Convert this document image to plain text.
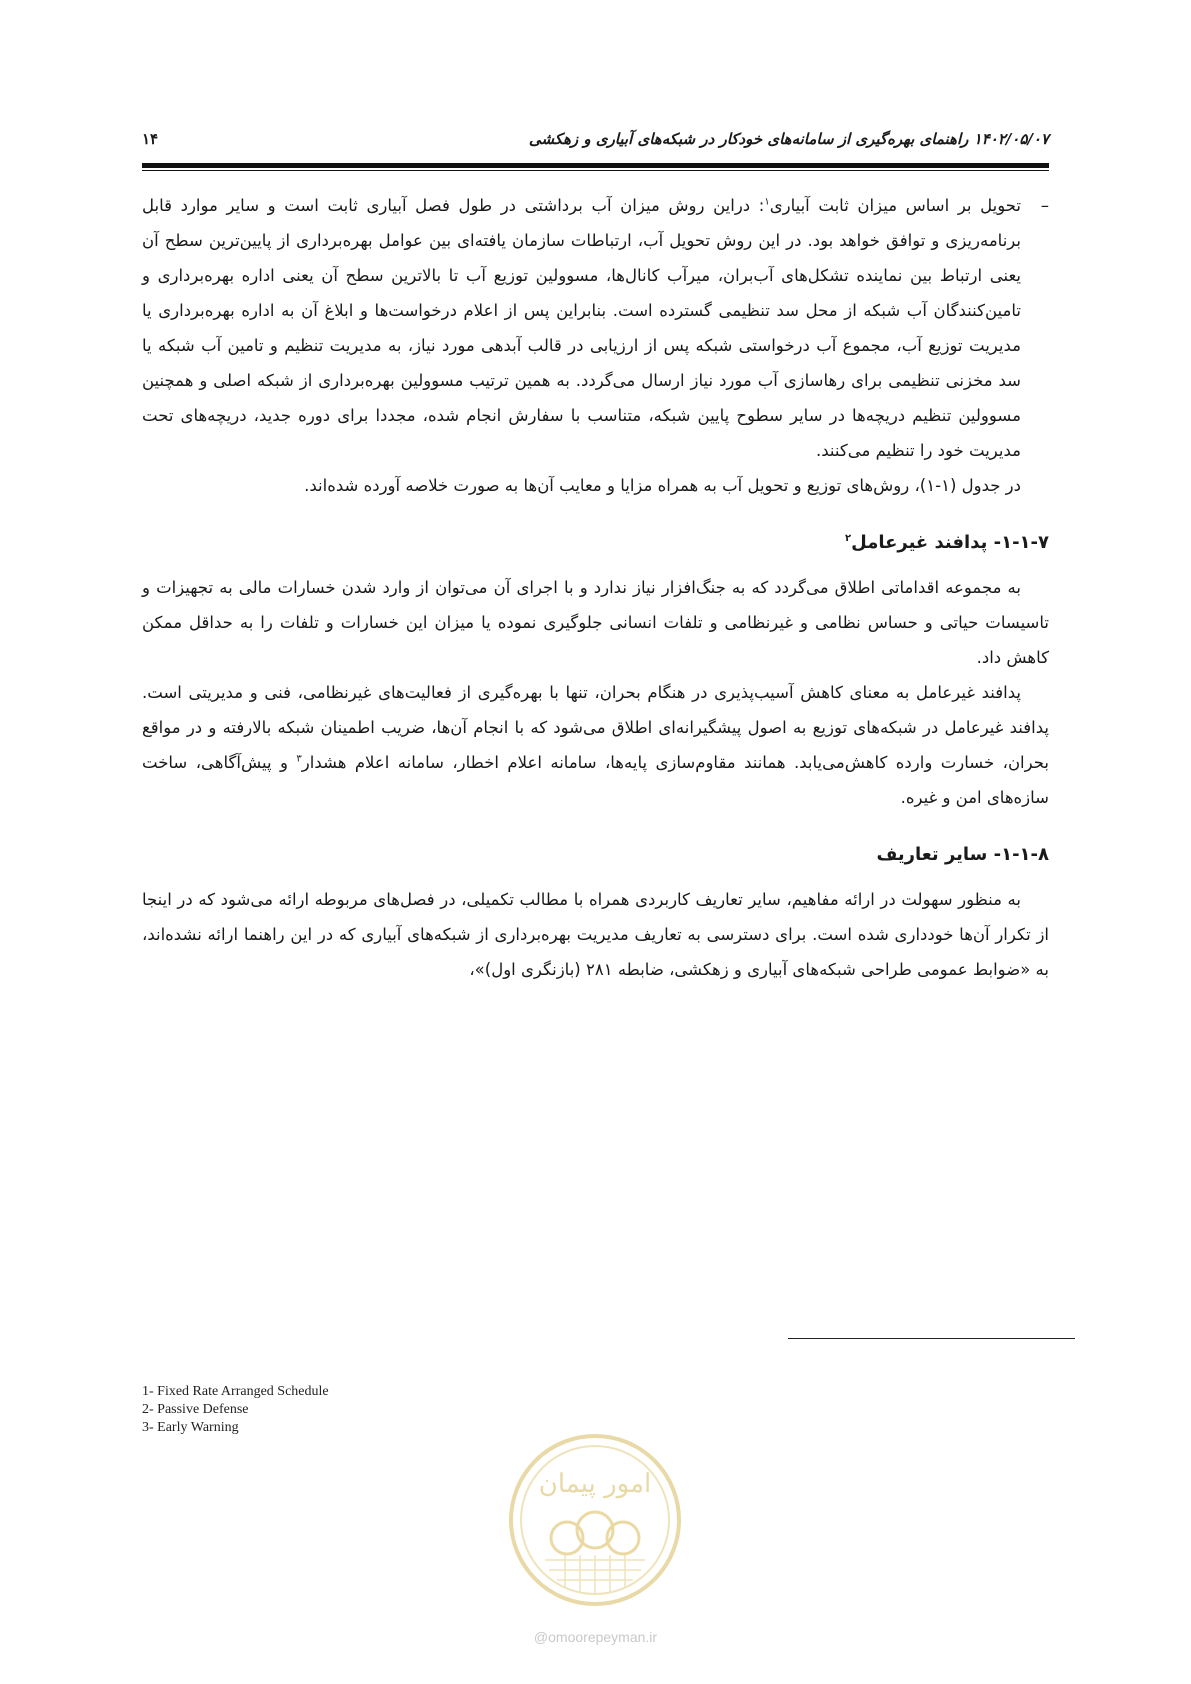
۱۴۰۲/۰۵/۰۷ راهنمای بهره‌گیری از سامانه‌های خودکار در شبکه‌های آبیاری و زهکشی
۱۴

–
تحویل بر اساس میزان ثابت آبیاری$^۱$: دراین روش میزان آب برداشتی در طول فصل آبیاری ثابت است و سایر موارد قابل برنامه‌ریزی و توافق خواهد بود. در این روش تحویل آب، ارتباطات سازمان یافته‌ای بین عوامل بهره‌برداری از پایین‌ترین سطح آن یعنی ارتباط بین نماینده تشکل‌های آب‌بران، میرآب کانال‌ها، مسوولین توزیع آب تا بالاترین سطح آن یعنی اداره بهره‌برداری و تامین‌کنندگان آب شبکه از محل سد تنظیمی گسترده است. بنابراین پس از اعلام درخواست‌ها و ابلاغ آن به اداره بهره‌برداری یا مدیریت توزیع آب، مجموع آب درخواستی شبکه پس از ارزیابی در قالب آبدهی مورد نیاز، به مدیریت تنظیم و تامین آب شبکه یا سد مخزنی تنظیمی برای رهاسازی آب مورد نیاز ارسال می‌گردد. به همین ترتیب مسوولین بهره‌برداری از شبکه اصلی و همچنین مسوولین تنظیم دریچه‌ها در سایر سطوح پایین شبکه، متناسب با سفارش انجام شده، مجددا برای دوره جدید، دریچه‌های تحت مدیریت خود را تنظیم می‌کنند.

در جدول (۱-۱)، روش‌های توزیع و تحویل آب به همراه مزایا و معایب آن‌ها به صورت خلاصه آورده شده‌اند.

۱-۱-۷- پدافند غیرعامل$^۲$

به مجموعه اقداماتی اطلاق می‌گردد که به جنگ‌افزار نیاز ندارد و با اجرای آن می‌توان از وارد شدن خسارات مالی به تجهیزات و تاسیسات حیاتی و حساس نظامی و غیرنظامی و تلفات انسانی جلوگیری نموده یا میزان این خسارات و تلفات را به حداقل ممکن کاهش داد.

پدافند غیرعامل به معنای کاهش آسیب‌پذیری در هنگام بحران، تنها با بهره‌گیری از فعالیت‌های غیرنظامی، فنی و مدیریتی است. پدافند غیرعامل در شبکه‌های توزیع به اصول پیشگیرانه‌ای اطلاق می‌شود که با انجام آن‌ها، ضریب اطمینان شبکه بالارفته و در مواقع بحران، خسارت وارده کاهش‌می‌یابد. همانند مقاوم‌سازی پایه‌ها، سامانه اعلام اخطار، سامانه اعلام هشدار$^۳$ و پیش‌آگاهی، ساخت سازه‌های امن و غیره.

۱-۱-۸- سایر تعاریف

به منظور سهولت در ارائه مفاهیم، سایر تعاریف کاربردی همراه با مطالب تکمیلی، در فصل‌های مربوطه ارائه می‌شود که در اینجا از تکرار آن‌ها خودداری شده است. برای دسترسی به تعاریف مدیریت بهره‌برداری از شبکه‌های آبیاری که در این راهنما ارائه نشده‌اند، به «ضوابط عمومی طراحی شبکه‌های آبیاری و زهکشی، ضابطه ۲۸۱ (بازنگری اول)»،

1- Fixed Rate Arranged Schedule
2- Passive Defense
3- Early Warning
امور پیمان
@omoorepeyman.ir
